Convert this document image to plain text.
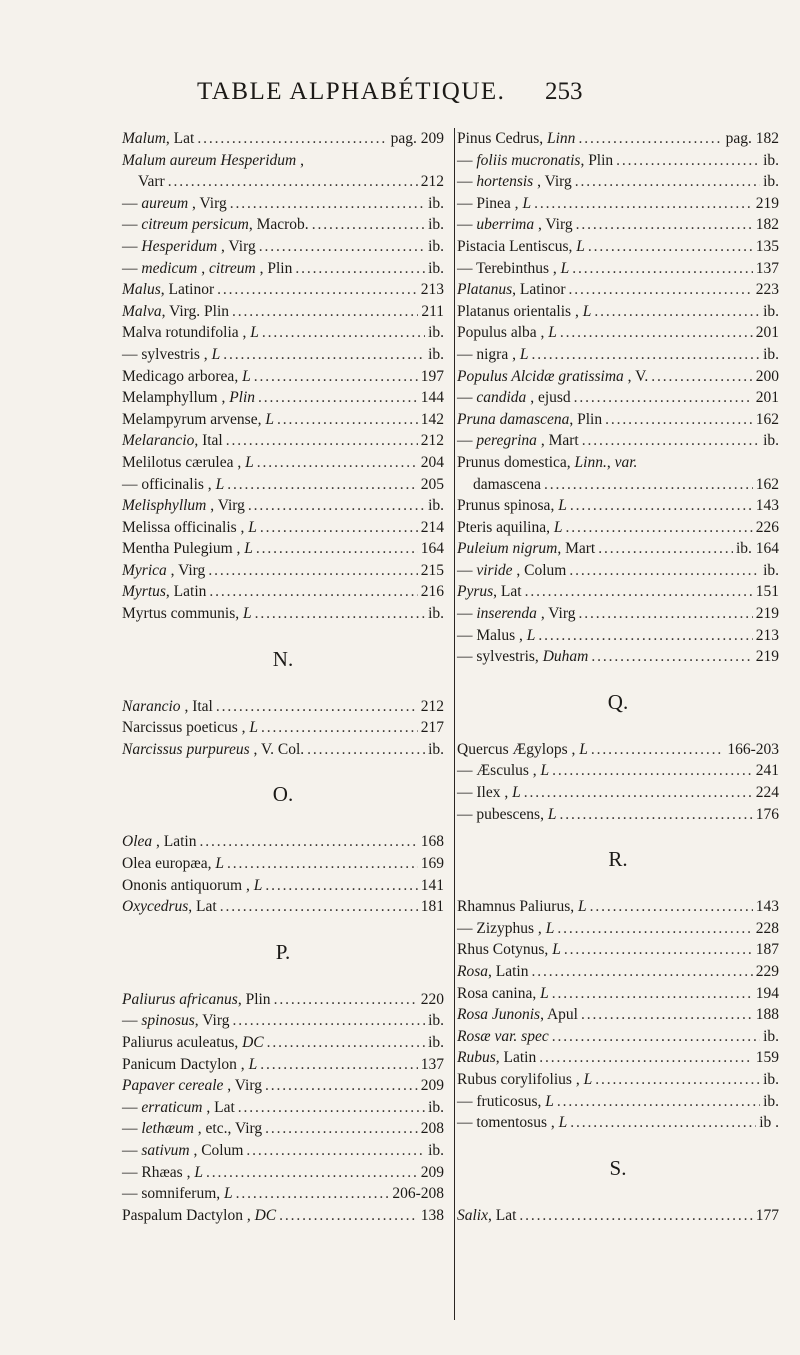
TABLE ALPHABÉTIQUE. 253
Malum, Lat . . .	pag. 209
Malum aureum Hesperidum ,
Varr . . .	212
— aureum , Virg . . .	ib.
— citreum persicum, Macrob. . . .	ib.
— Hesperidum , Virg . . .	ib.
— medicum , citreum , Plin . . .	ib.
Malus, Latinor . . .	213
Malva, Virg. Plin . . .	211
Malva rotundifolia , L . . .	ib.
— sylvestris , L . . .	ib.
Medicago arborea, L . . .	197
Melamphyllum , Plin . . .	144
Melampyrum arvense, L . . .	142
Melarancio, Ital . . .	212
Melilotus cærulea , L . . .	204
— officinalis , L . . .	205
Melisphyllum , Virg . . .	ib.
Melissa officinalis , L . . .	214
Mentha Pulegium , L . . .	164
Myrica , Virg . . .	215
Myrtus, Latin . . .	216
Myrtus communis, L . . .	ib.
N.
Narancio , Ital . . .	212
Narcissus poeticus , L . . .	217
Narcissus purpureus , V. Col. . . .	ib.
O.
Olea , Latin . . .	168
Olea europæa, L . . .	169
Ononis antiquorum , L . . .	141
Oxycedrus, Lat . . .	181
P.
Paliurus africanus, Plin . . .	220
— spinosus, Virg . . .	ib.
Paliurus aculeatus, DC . . .	ib.
Panicum Dactylon , L . . .	137
Papaver cereale , Virg . . .	209
— erraticum , Lat . . .	ib.
— lethæum , etc., Virg . . .	208
— sativum , Colum . . .	ib.
— Rhæas , L . . .	209
— somniferum, L . . .	206-208
Paspalum Dactylon , DC . . .	138
Pinus Cedrus, Linn . . .	pag. 182
— foliis mucronatis, Plin . . .	ib.
— hortensis , Virg . . .	ib.
— Pinea , L . . .	219
— uberrima , Virg . . .	182
Pistacia Lentiscus, L . . .	135
— Terebinthus , L . . .	137
Platanus, Latinor . . .	223
Platanus orientalis , L . . .	ib.
Populus alba , L . . .	201
— nigra , L . . .	ib.
Populus Alcidæ gratissima , V. . . .	200
— candida , ejusd . . .	201
Pruna damascena, Plin . . .	162
— peregrina , Mart . . .	ib.
Prunus domestica, Linn., var.
damascena . . .	162
Prunus spinosa, L . . .	143
Pteris aquilina, L . . .	226
Puleium nigrum, Mart . . .	ib. 164
— viride , Colum . . .	ib.
Pyrus, Lat . . .	151
— inserenda , Virg . . .	219
— Malus , L . . .	213
— sylvestris, Duham . . .	219
Q.
Quercus Ægylops , L . . .	166-203
— Æsculus , L . . .	241
— Ilex , L . . .	224
— pubescens, L . . .	176
R.
Rhamnus Paliurus, L . . .	143
— Zizyphus , L . . .	228
Rhus Cotynus, L . . .	187
Rosa, Latin . . .	229
Rosa canina, L . . .	194
Rosa Junonis, Apul . . .	188
Rosæ var. spec . . .	ib.
Rubus, Latin . . .	159
Rubus corylifolius , L . . .	ib.
— fruticosus, L . . .	ib.
— tomentosus , L . . .	ib .
S.
Salix, Lat . . .	177
